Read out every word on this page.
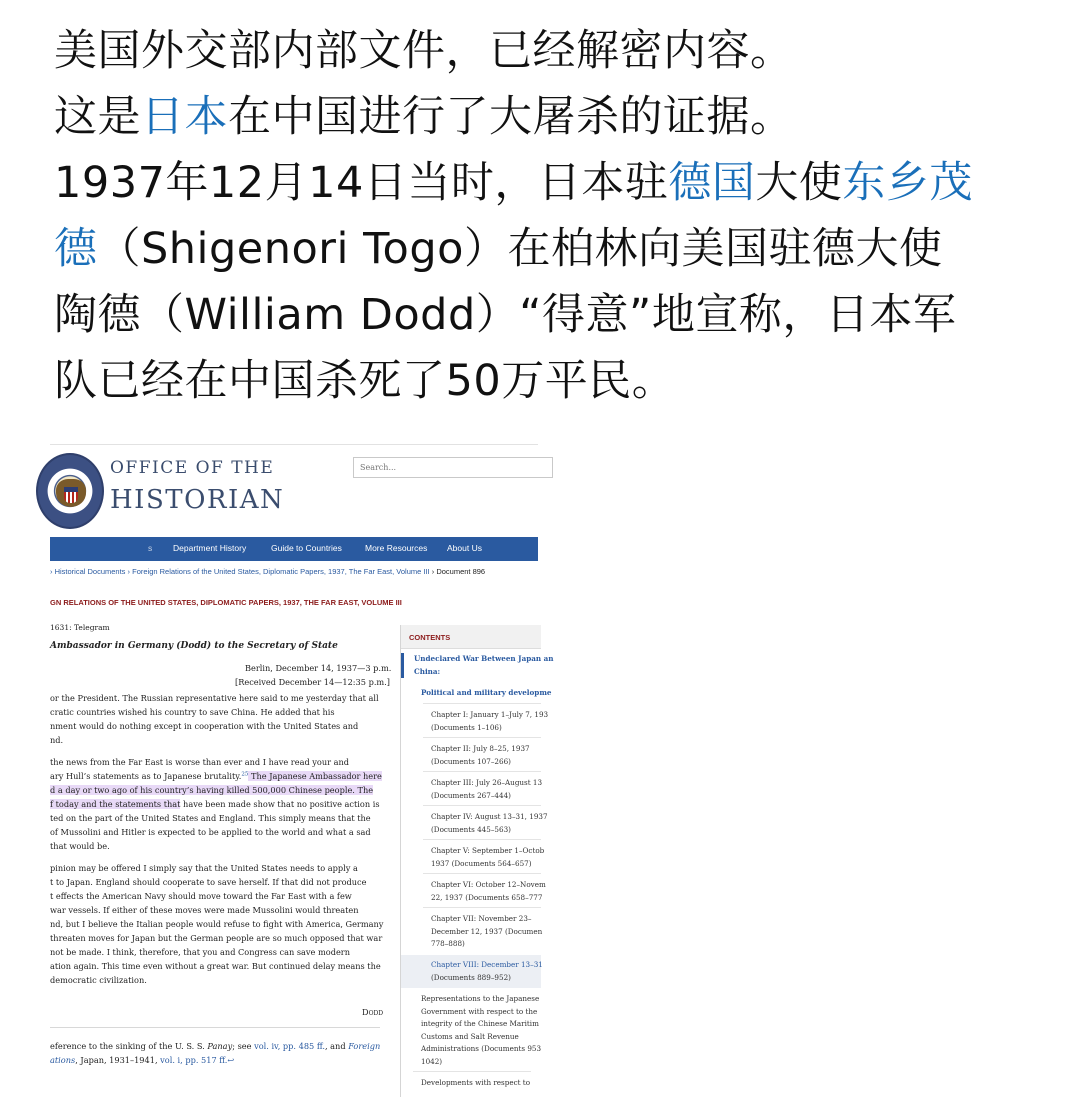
美国外交部内部文件，已经解密内容。
这是日本在中国进行了大屠杀的证据。
1937年12月14日当时，日本驻德国大使东乡茂
德（Shigenori Togo）在柏林向美国驻德大使
陶德（William Dodd）“得意”地宣称，日本军
队已经在中国杀死了50万平民。
OFFICE OF THE
HISTORIAN
Search...
s Department History	Guide to Countries	More Resources About Us
› Historical Documents › Foreign Relations of the United States, Diplomatic Papers, 1937, The Far East, Volume III › Document 896
GN RELATIONS OF THE UNITED STATES, DIPLOMATIC PAPERS, 1937, THE FAR EAST, VOLUME III
1631: Telegram
Ambassador in Germany (Dodd) to the Secretary of State
Berlin, December 14, 1937—3 p.m.
[Received December 14—12:35 p.m.]
or the President. The Russian representative here said to me yesterday that all
cratic countries wished his country to save China. He added that his
nment would do nothing except in cooperation with the United States and
nd.
the news from the Far East is worse than ever and I have read your and
ary Hull’s statements as to Japanese brutality.$^{25}$ The Japanese Ambassador here
d a day or two ago of his country’s having killed 500,000 Chinese people. The
f today and the statements that have been made show that no positive action is
ted on the part of the United States and England. This simply means that the
of Mussolini and Hitler is expected to be applied to the world and what a sad
that would be.
pinion may be offered I simply say that the United States needs to apply a
t to Japan. England should cooperate to save herself. If that did not produce
t effects the American Navy should move toward the Far East with a few
war vessels. If either of these moves were made Mussolini would threaten
nd, but I believe the Italian people would refuse to fight with America, Germany
threaten moves for Japan but the German people are so much opposed that war
not be made. I think, therefore, that you and Congress can save modern
ation again. This time even without a great war. But continued delay means the
democratic civilization.
Dodd
eference to the sinking of the U. S. S. Panay; see vol. iv, pp. 485 ff., and Foreign
ations, Japan, 1931–1941, vol. i, pp. 517 ff.↩
CONTENTS
Undeclared War Between Japan an
China:
Political and military developme
Chapter I: January 1–July 7, 193
(Documents 1–106)
Chapter II: July 8–25, 1937
(Documents 107–266)
Chapter III: July 26–August 13
(Documents 267–444)
Chapter IV: August 13–31, 1937
(Documents 445–563)
Chapter V: September 1–Octob
1937 (Documents 564–657)
Chapter VI: October 12–Novem
22, 1937 (Documents 658–777
Chapter VII: November 23–
December 12, 1937 (Documen
778–888)
Chapter VIII: December 13–31
(Documents 889–952)
Representations to the Japanese
Government with respect to the
integrity of the Chinese Maritim
Customs and Salt Revenue
Administrations (Documents 953
1042)
Developments with respect to
